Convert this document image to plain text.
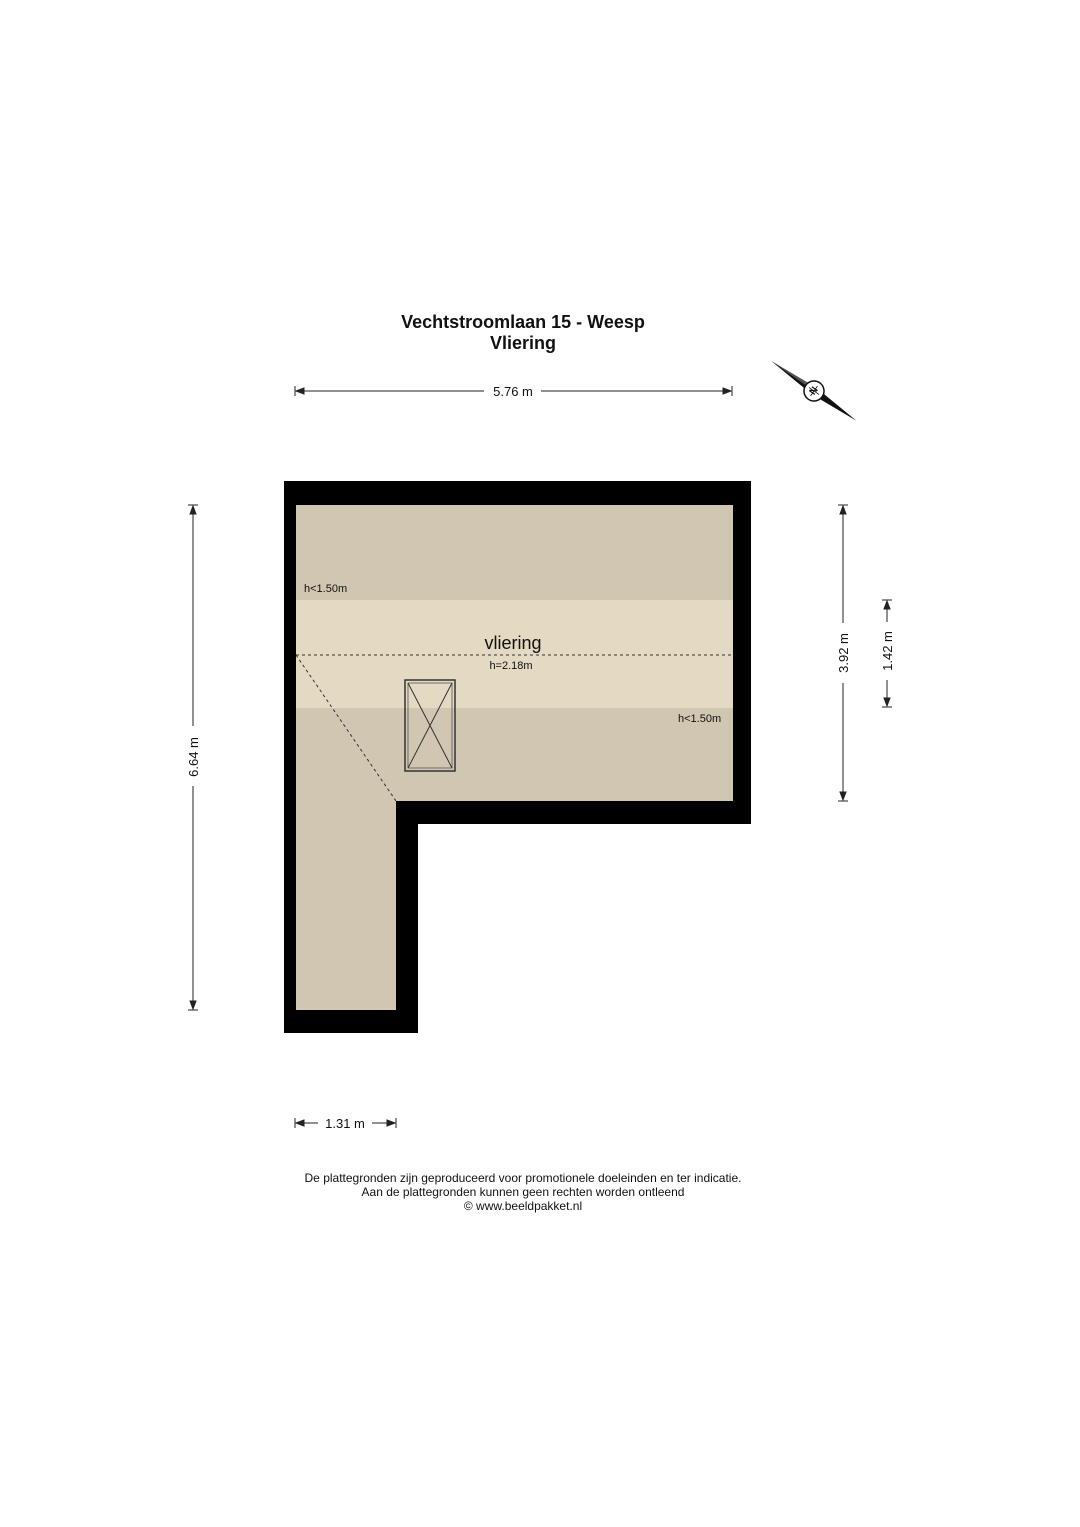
Vechtstroomlaan 15 - Weesp
Vliering
vliering
h=2.18m
h<1.50m
h<1.50m
5.76 m
6.64 m
3.92 m 1.42 m
1.31 m
N
De plattegronden zijn geproduceerd voor promotionele doeleinden en ter indicatie.
Aan de plattegronden kunnen geen rechten worden ontleend
© www.beeldpakket.nl
